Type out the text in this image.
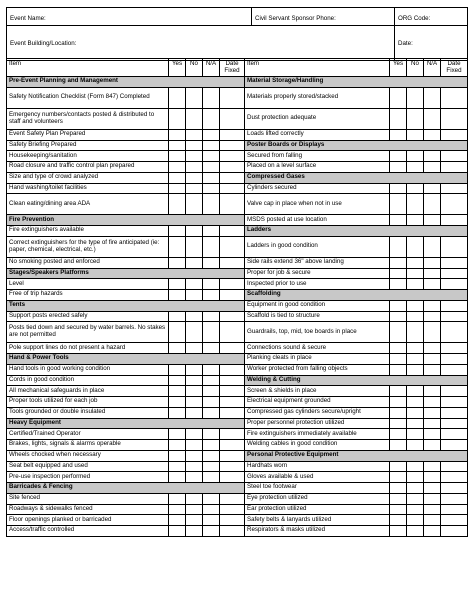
Event Name:	Civil Servant Sponsor Phone:	ORG Code:
Event Building/Location:		Date:
Item	Yes	No	N/A	Date Fixed	Item	Yes	No	N/A	Date Fixed
Pre-Event Planning and Management					Material Storage/Handling				
Safety Notification Checklist (Form 847) Completed					Materials properly stored/stacked				
Emergency numbers/contacts posted & distributed to staff and volunteers					Dust protection adequate				
Event Safety Plan Prepared					Loads lifted correctly				
Safety Briefing Prepared					Poster Boards or Displays				
Housekeeping/sanitation					Secured from falling				
Road closure and traffic control plan prepared					Placed on a level surface				
Size and type of crowd analyzed					Compressed Gases				
Hand washing/toilet facilities					Cylinders secured				
Clean eating/dining area ADA					Valve cap in place when not in use				
Fire Prevention					MSDS posted at use location				
Fire extinguishers available					Ladders				
Correct extinguishers for the type of fire anticipated (ie: paper, chemical, electrical, etc.)					Ladders in good condition				
No smoking posted and enforced					Side rails extend 36" above landing				
Stages/Speakers Platforms					Proper for job & secure				
Level					Inspected prior to use				
Free of trip hazards					Scaffolding				
Tents					Equipment in good condition				
Support posts erected safely					Scaffold is tied to structure				
Posts tied down and secured by water barrels. No stakes are not permitted					Guardrails, top, mid, toe boards in place				
Pole support lines do not present a hazard					Connections sound & secure				
Hand & Power Tools					Planking cleats in place				
Hand tools in good working condition					Worker protected from falling objects				
Cords in good condition					Welding & Cutting				
All mechanical safeguards in place					Screen & shields in place				
Proper tools utilized for each job					Electrical equipment grounded				
Tools grounded or double insulated					Compressed gas cylinders secure/upright				
Heavy Equipment					Proper personnel protection utilized				
Certified/Trained Operator					Fire extinguishers immediately available				
Brakes, lights, signals & alarms operable					Welding cables in good condition				
Wheels chocked when necessary					Personal Protective Equipment				
Seat belt equipped and used					Hardhats worn				
Pre-use inspection performed					Gloves available & used				
Barricades & Fencing					Steel toe footwear				
Site fenced					Eye protection utilized				
Roadways & sidewalks fenced					Ear protection utilized				
Floor openings planked or barricaded					Safety belts & lanyards utilized				
Access/traffic controlled					Respirators & masks utilized				
